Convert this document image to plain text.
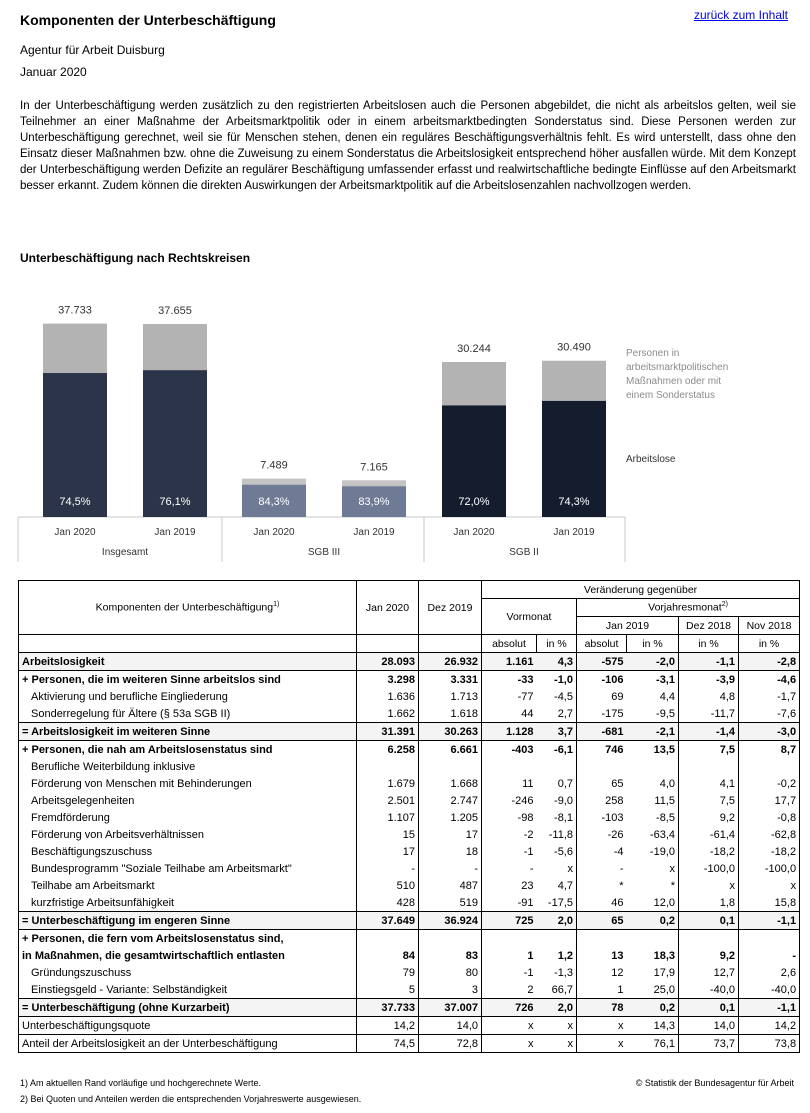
Komponenten der Unterbeschäftigung	zurück zum Inhalt
Agentur für Arbeit Duisburg
Januar 2020
In der Unterbeschäftigung werden zusätzlich zu den registrierten Arbeitslosen auch die Personen abgebildet, die nicht als arbeitslos gelten, weil sie Teilnehmer an einer Maßnahme der Arbeitsmarktpolitik oder in einem arbeitsmarktbedingten Sonderstatus sind. Diese Personen werden zur Unterbeschäftigung gerechnet, weil sie für Menschen stehen, denen ein reguläres Beschäftigungsverhältnis fehlt. Es wird unterstellt, dass ohne den Einsatz dieser Maßnahmen bzw. ohne die Zuweisung zu einem Sonderstatus die Arbeitslosigkeit entsprechend höher ausfallen würde. Mit dem Konzept der Unterbeschäftigung werden Defizite an regulärer Beschäftigung umfassender erfasst und realwirtschaftliche bedingte Einflüsse auf den Arbeitsmarkt besser erkannt. Zudem können die direkten Auswirkungen der Arbeitsmarktpolitik auf die Arbeitslosenzahlen nachvollzogen werden.
Unterbeschäftigung nach Rechtskreisen
37.733
74,5%
Jan 2020
37.655
76,1%
Jan 2019
Insgesamt
7.489
84,3%
Jan 2020
7.165
83,9%
Jan 2019
SGB III
30.244
72,0%
Jan 2020
30.490
74,3%
Jan 2019
SGB II
Personen in arbeitsmarktpolitischen Maßnahmen oder mit einem Sonderstatus
Arbeitslose
Komponenten der Unterbeschäftigung$^{1)}$	Jan 2020	Dez 2019	Veränderung gegenüber					
			Vormonat		Vorjahresmonat$^{2)}$
					Jan 2019		Dez 2018	Nov 2018
			absolut	in %	absolut	in %	in %	in %
Arbeitslosigkeit	28.093	26.932	1.161	4,3	-575	-2,0	-1,1	-2,8
+ Personen, die im weiteren Sinne arbeitslos sind	3.298	3.331	-33	-1,0	-106	-3,1	-3,9	-4,6
Aktivierung und berufliche Eingliederung	1.636	1.713	-77	-4,5	69	4,4	4,8	-1,7
Sonderregelung für Ältere (§ 53a SGB II)	1.662	1.618	44	2,7	-175	-9,5	-11,7	-7,6
= Arbeitslosigkeit im weiteren Sinne	31.391	30.263	1.128	3,7	-681	-2,1	-1,4	-3,0
+ Personen, die nah am Arbeitslosenstatus sind	6.258	6.661	-403	-6,1	746	13,5	7,5	8,7
Berufliche Weiterbildung inklusive								
Förderung von Menschen mit Behinderungen	1.679	1.668	11	0,7	65	4,0	4,1	-0,2
Arbeitsgelegenheiten	2.501	2.747	-246	-9,0	258	11,5	7,5	17,7
Fremdförderung	1.107	1.205	-98	-8,1	-103	-8,5	9,2	-0,8
Förderung von Arbeitsverhältnissen	15	17	-2	-11,8	-26	-63,4	-61,4	-62,8
Beschäftigungszuschuss	17	18	-1	-5,6	-4	-19,0	-18,2	-18,2
Bundesprogramm "Soziale Teilhabe am Arbeitsmarkt"	-	-	-	x	-	x	-100,0	-100,0
Teilhabe am Arbeitsmarkt	510	487	23	4,7	*	*	x	x
kurzfristige Arbeitsunfähigkeit	428	519	-91	-17,5	46	12,0	1,8	15,8
= Unterbeschäftigung im engeren Sinne	37.649	36.924	725	2,0	65	0,2	0,1	-1,1
+ Personen, die fern vom Arbeitslosenstatus sind,								
in Maßnahmen, die gesamtwirtschaftlich entlasten	84	83	1	1,2	13	18,3	9,2	-
Gründungszuschuss	79	80	-1	-1,3	12	17,9	12,7	2,6
Einstiegsgeld - Variante: Selbständigkeit	5	3	2	66,7	1	25,0	-40,0	-40,0
= Unterbeschäftigung (ohne Kurzarbeit)	37.733	37.007	726	2,0	78	0,2	0,1	-1,1
Unterbeschäftigungsquote	14,2	14,0	x	x	x	14,3	14,0	14,2
Anteil der Arbeitslosigkeit an der Unterbeschäftigung	74,5	72,8	x	x	x	76,1	73,7	73,8
1) Am aktuellen Rand vorläufige und hochgerechnete Werte.
2) Bei Quoten und Anteilen werden die entsprechenden Vorjahreswerte ausgewiesen.
© Statistik der Bundesagentur für Arbeit
